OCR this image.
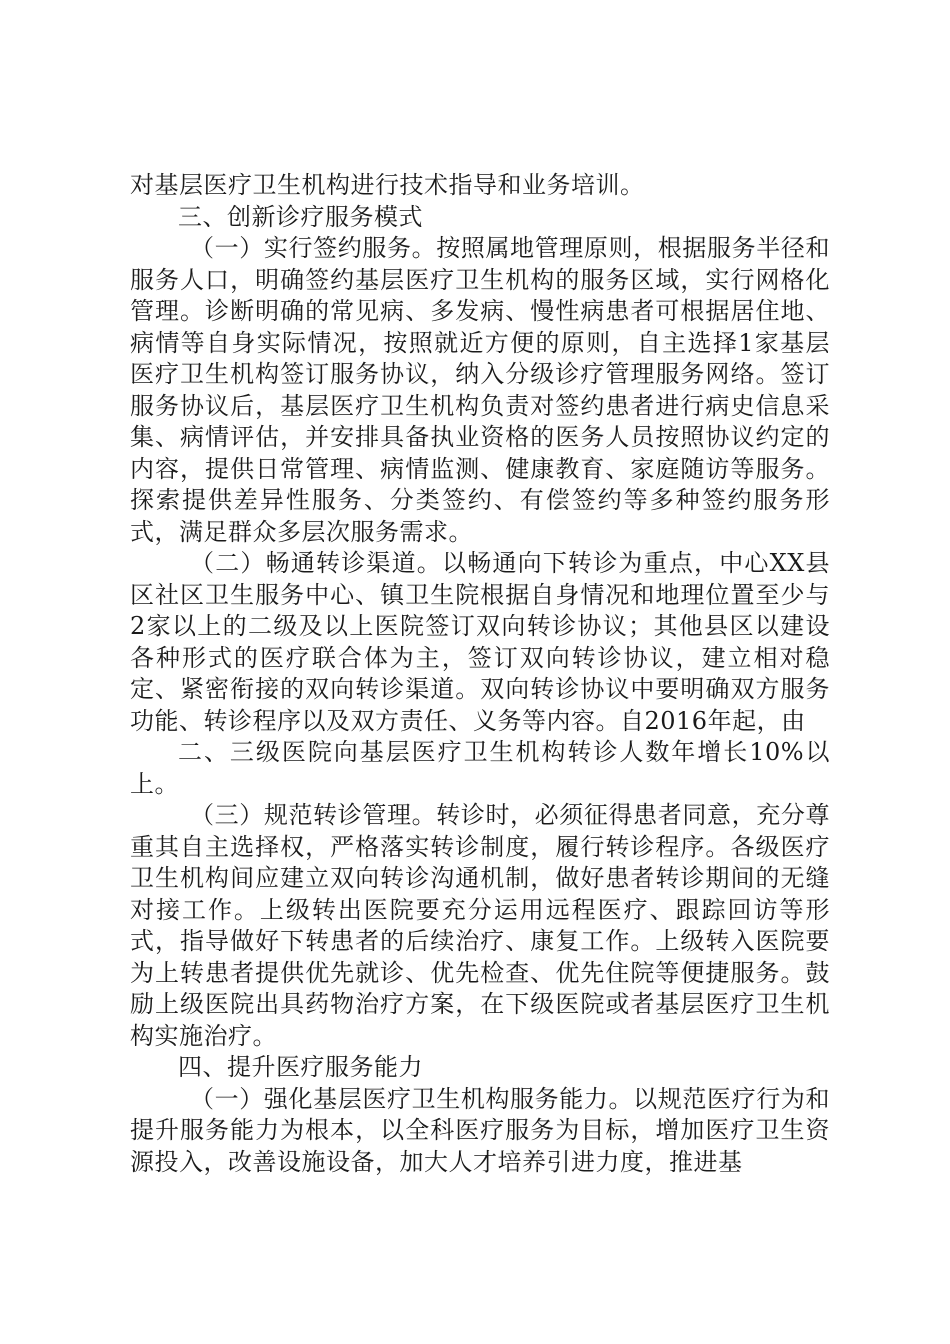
对基层医疗卫生机构进行技术指导和业务培训。

三、创新诊疗服务模式

（一）实行签约服务。按照属地管理原则，根据服务半径和服务人口，明确签约基层医疗卫生机构的服务区域，实行网格化管理。诊断明确的常见病、多发病、慢性病患者可根据居住地、病情等自身实际情况，按照就近方便的原则，自主选择1家基层医疗卫生机构签订服务协议，纳入分级诊疗管理服务网络。签订服务协议后，基层医疗卫生机构负责对签约患者进行病史信息采集、病情评估，并安排具备执业资格的医务人员按照协议约定的内容，提供日常管理、病情监测、健康教育、家庭随访等服务。探索提供差异性服务、分类签约、有偿签约等多种签约服务形式，满足群众多层次服务需求。

（二）畅通转诊渠道。以畅通向下转诊为重点，中心XX县区社区卫生服务中心、镇卫生院根据自身情况和地理位置至少与2家以上的二级及以上医院签订双向转诊协议；其他县区以建设各种形式的医疗联合体为主，签订双向转诊协议，建立相对稳定、紧密衔接的双向转诊渠道。双向转诊协议中要明确双方服务功能、转诊程序以及双方责任、义务等内容。自2016年起，由

二、三级医院向基层医疗卫生机构转诊人数年增长10%以上。

（三）规范转诊管理。转诊时，必须征得患者同意，充分尊重其自主选择权，严格落实转诊制度，履行转诊程序。各级医疗卫生机构间应建立双向转诊沟通机制，做好患者转诊期间的无缝对接工作。上级转出医院要充分运用远程医疗、跟踪回访等形式，指导做好下转患者的后续治疗、康复工作。上级转入医院要为上转患者提供优先就诊、优先检查、优先住院等便捷服务。鼓励上级医院出具药物治疗方案，在下级医院或者基层医疗卫生机构实施治疗。

四、提升医疗服务能力

（一）强化基层医疗卫生机构服务能力。以规范医疗行为和提升服务能力为根本，以全科医疗服务为目标，增加医疗卫生资源投入，改善设施设备，加大人才培养引进力度，推进基
